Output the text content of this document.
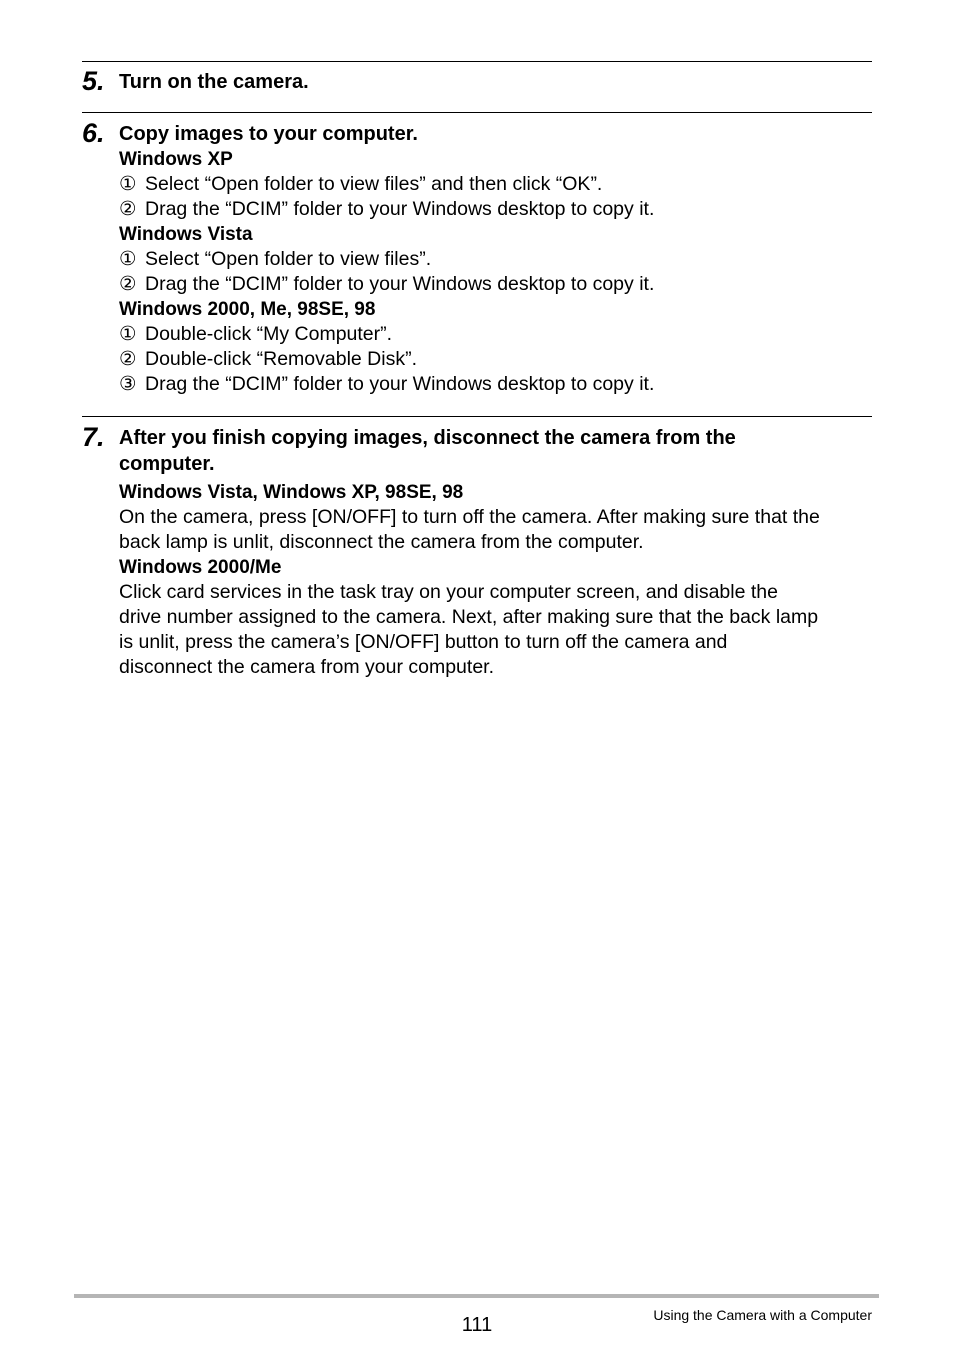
5. Turn on the camera.
6. Copy images to your computer.
Windows XP
① Select “Open folder to view files” and then click “OK”.
② Drag the “DCIM” folder to your Windows desktop to copy it.
Windows Vista
① Select “Open folder to view files”.
② Drag the “DCIM” folder to your Windows desktop to copy it.
Windows 2000, Me, 98SE, 98
① Double-click “My Computer”.
② Double-click “Removable Disk”.
③ Drag the “DCIM” folder to your Windows desktop to copy it.
7. After you finish copying images, disconnect the camera from the
computer.
Windows Vista, Windows XP, 98SE, 98
On the camera, press [ON/OFF] to turn off the camera. After making sure that the
back lamp is unlit, disconnect the camera from the computer.
Windows 2000/Me
Click card services in the task tray on your computer screen, and disable the
drive number assigned to the camera. Next, after making sure that the back lamp
is unlit, press the camera’s [ON/OFF] button to turn off the camera and
disconnect the camera from your computer.
111	Using the Camera with a Computer
